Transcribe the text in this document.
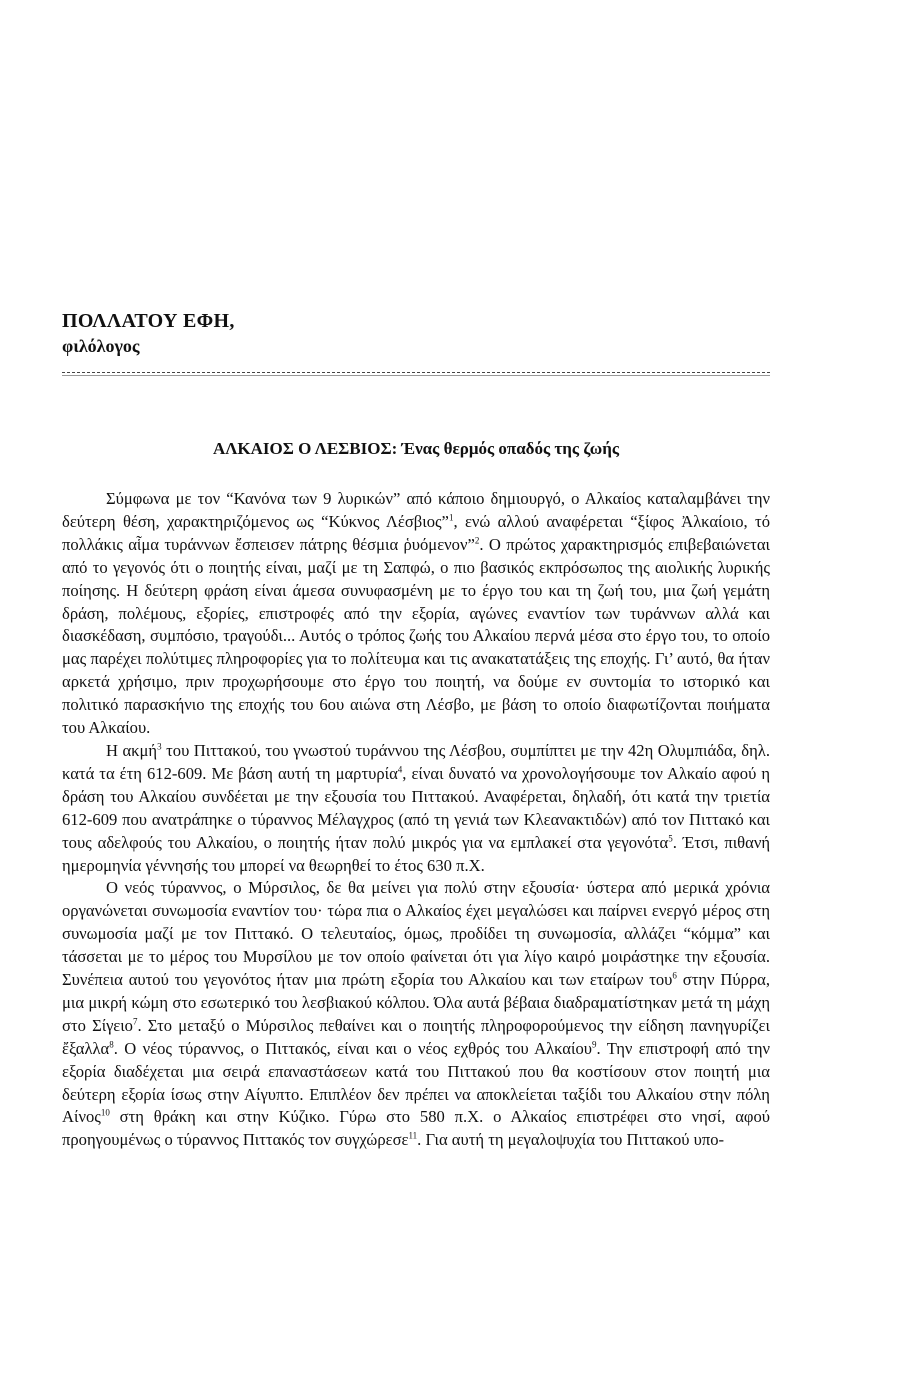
ΠΟΛΛΑΤΟΥ ΕΦΗ,
φιλόλογος
ΑΛΚΑΙΟΣ Ο ΛΕΣΒΙΟΣ: Ένας θερμός οπαδός της ζωής

Σύμφωνα με τον “Κανόνα των 9 λυρικών” από κάποιο δημιουργό, ο Αλκαίος καταλαμβάνει την δεύτερη θέση, χαρακτηριζόμενος ως “Κύκνος Λέσβιος”$^1$, ενώ αλλού αναφέρεται “ξίφος Ἀλκαίοιο, τό πολλάκις αἷμα τυράννων ἔσπεισεν πάτρης θέσμια ῥυόμενον”$^2$. Ο πρώτος χαρακτηρισμός επιβεβαιώνεται από το γεγονός ότι ο ποιητής είναι, μαζί με τη Σαπφώ, ο πιο βασικός εκπρόσωπος της αιολικής λυρικής ποίησης. Η δεύτερη φράση είναι άμεσα συνυφασμένη με το έργο του και τη ζωή του, μια ζωή γεμάτη δράση, πολέμους, εξορίες, επιστροφές από την εξορία, αγώνες εναντίον των τυράννων αλλά και διασκέδαση, συμπόσιο, τραγούδι... Αυτός ο τρόπος ζωής του Αλκαίου περνά μέσα στο έργο του, το οποίο μας παρέχει πολύτιμες πληροφορίες για το πολίτευμα και τις ανακατατάξεις της εποχής. Γι’ αυτό, θα ήταν αρκετά χρήσιμο, πριν προχωρήσουμε στο έργο του ποιητή, να δούμε εν συντομία το ιστορικό και πολιτικό παρασκήνιο της εποχής του 6ου αιώνα στη Λέσβο, με βάση το οποίο διαφωτίζονται ποιήματα του Αλκαίου.

Η ακμή$^3$ του Πιττακού, του γνωστού τυράννου της Λέσβου, συμπίπτει με την 42η Ολυμπιάδα, δηλ. κατά τα έτη 612-609. Με βάση αυτή τη μαρτυρία$^4$, είναι δυνατό να χρονολογήσουμε τον Αλκαίο αφού η δράση του Αλκαίου συνδέεται με την εξουσία του Πιττακού. Αναφέρεται, δηλαδή, ότι κατά την τριετία 612-609 που ανατράπηκε ο τύραννος Μέλαγχρος (από τη γενιά των Κλεανακτιδών) από τον Πιττακό και τους αδελφούς του Αλκαίου, ο ποιητής ήταν πολύ μικρός για να εμπλακεί στα γεγονότα$^5$. Έτσι, πιθανή ημερομηνία γέννησής του μπορεί να θεωρηθεί το έτος 630 π.Χ.

Ο νεός τύραννος, ο Μύρσιλος, δε θα μείνει για πολύ στην εξουσία· ύστερα από μερικά χρόνια οργανώνεται συνωμοσία εναντίον του· τώρα πια ο Αλκαίος έχει μεγαλώσει και παίρνει ενεργό μέρος στη συνωμοσία μαζί με τον Πιττακό. Ο τελευταίος, όμως, προδίδει τη συνωμοσία, αλλάζει “κόμμα” και τάσσεται με το μέρος του Μυρσίλου με τον οποίο φαίνεται ότι για λίγο καιρό μοιράστηκε την εξουσία. Συνέπεια αυτού του γεγονότος ήταν μια πρώτη εξορία του Αλκαίου και των εταίρων του$^6$ στην Πύρρα, μια μικρή κώμη στο εσωτερικό του λεσβιακού κόλπου. Όλα αυτά βέβαια διαδραματίστηκαν μετά τη μάχη στο Σίγειο$^7$. Στο μεταξύ ο Μύρσιλος πεθαίνει και ο ποιητής πληροφορούμενος την είδηση πανηγυρίζει ἔξαλλα$^8$. Ο νέος τύραννος, ο Πιττακός, είναι και ο νέος εχθρός του Αλκαίου$^9$. Την επιστροφή από την εξορία διαδέχεται μια σειρά επαναστάσεων κατά του Πιττακού που θα κοστίσουν στον ποιητή μια δεύτερη εξορία ίσως στην Αίγυπτο. Επιπλέον δεν πρέπει να αποκλείεται ταξίδι του Αλκαίου στην πόλη Αίνος$^{10}$ στη θράκη και στην Κύζικο. Γύρω στο 580 π.Χ. ο Αλκαίος επιστρέφει στο νησί, αφού προηγουμένως ο τύραννος Πιττακός τον συγχώρεσε$^{11}$. Για αυτή τη μεγαλοψυχία του Πιττακού υπο-
